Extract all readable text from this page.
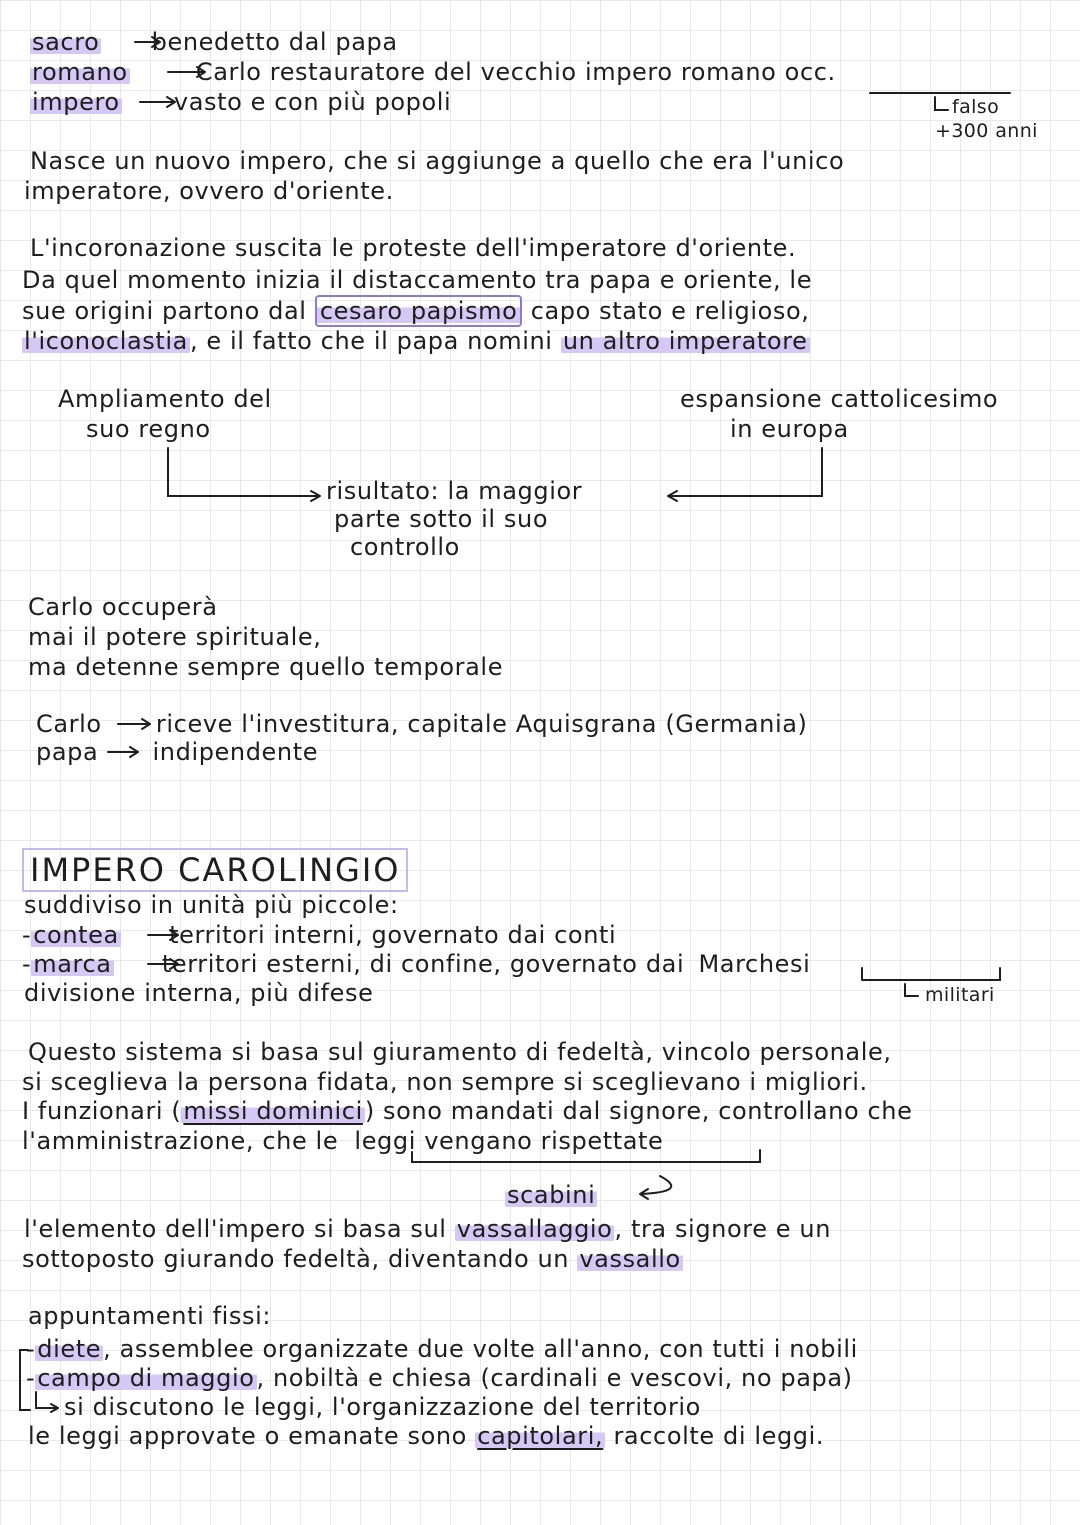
sacro benedetto dal papa
romano	Carlo restauratore del vecchio impero romano occ.
impero vasto e con più popoli	falso
+300 anni
Nasce un nuovo impero, che si aggiunge a quello che era l'unico
imperatore, ovvero d'oriente.
L'incoronazione suscita le proteste dell'imperatore d'oriente.
Da quel momento inizia il distaccamento tra papa e oriente, le
sue origini partono dal cesaro papismo capo stato e religioso,
l'iconoclastia, e il fatto che il papa nomini un altro imperatore
Ampliamento del
suo regno
espansione cattolicesimo
in europa
risultato: la maggior
parte sotto il suo
controllo
Carlo occuperà
mai il potere spirituale,
ma detenne sempre quello temporale
Carlo riceve l'investitura, capitale Aquisgrana (Germania)
papa indipendente
IMPERO CAROLINGIO
suddiviso in unità più piccole:
-contea territori interni, governato dai conti
-marca territori esterni, di confine, governato dai Marchesi
militari
divisione interna, più difese
Questo sistema si basa sul giuramento di fedeltà, vincolo personale,
si sceglieva la persona fidata, non sempre si sceglievano i migliori.
I funzionari (missi dominici) sono mandati dal signore, controllano che
l'amministrazione, che le leggi vengano rispettate
scabini
l'elemento dell'impero si basa sul vassallaggio, tra signore e un
sottoposto giurando fedeltà, diventando un vassallo
appuntamenti fissi:
-diete, assemblee organizzate due volte all'anno, con tutti i nobili
-campo di maggio, nobiltà e chiesa (cardinali e vescovi, no papa)
si discutono le leggi, l'organizzazione del territorio
le leggi approvate o emanate sono capitolari, raccolte di leggi.
